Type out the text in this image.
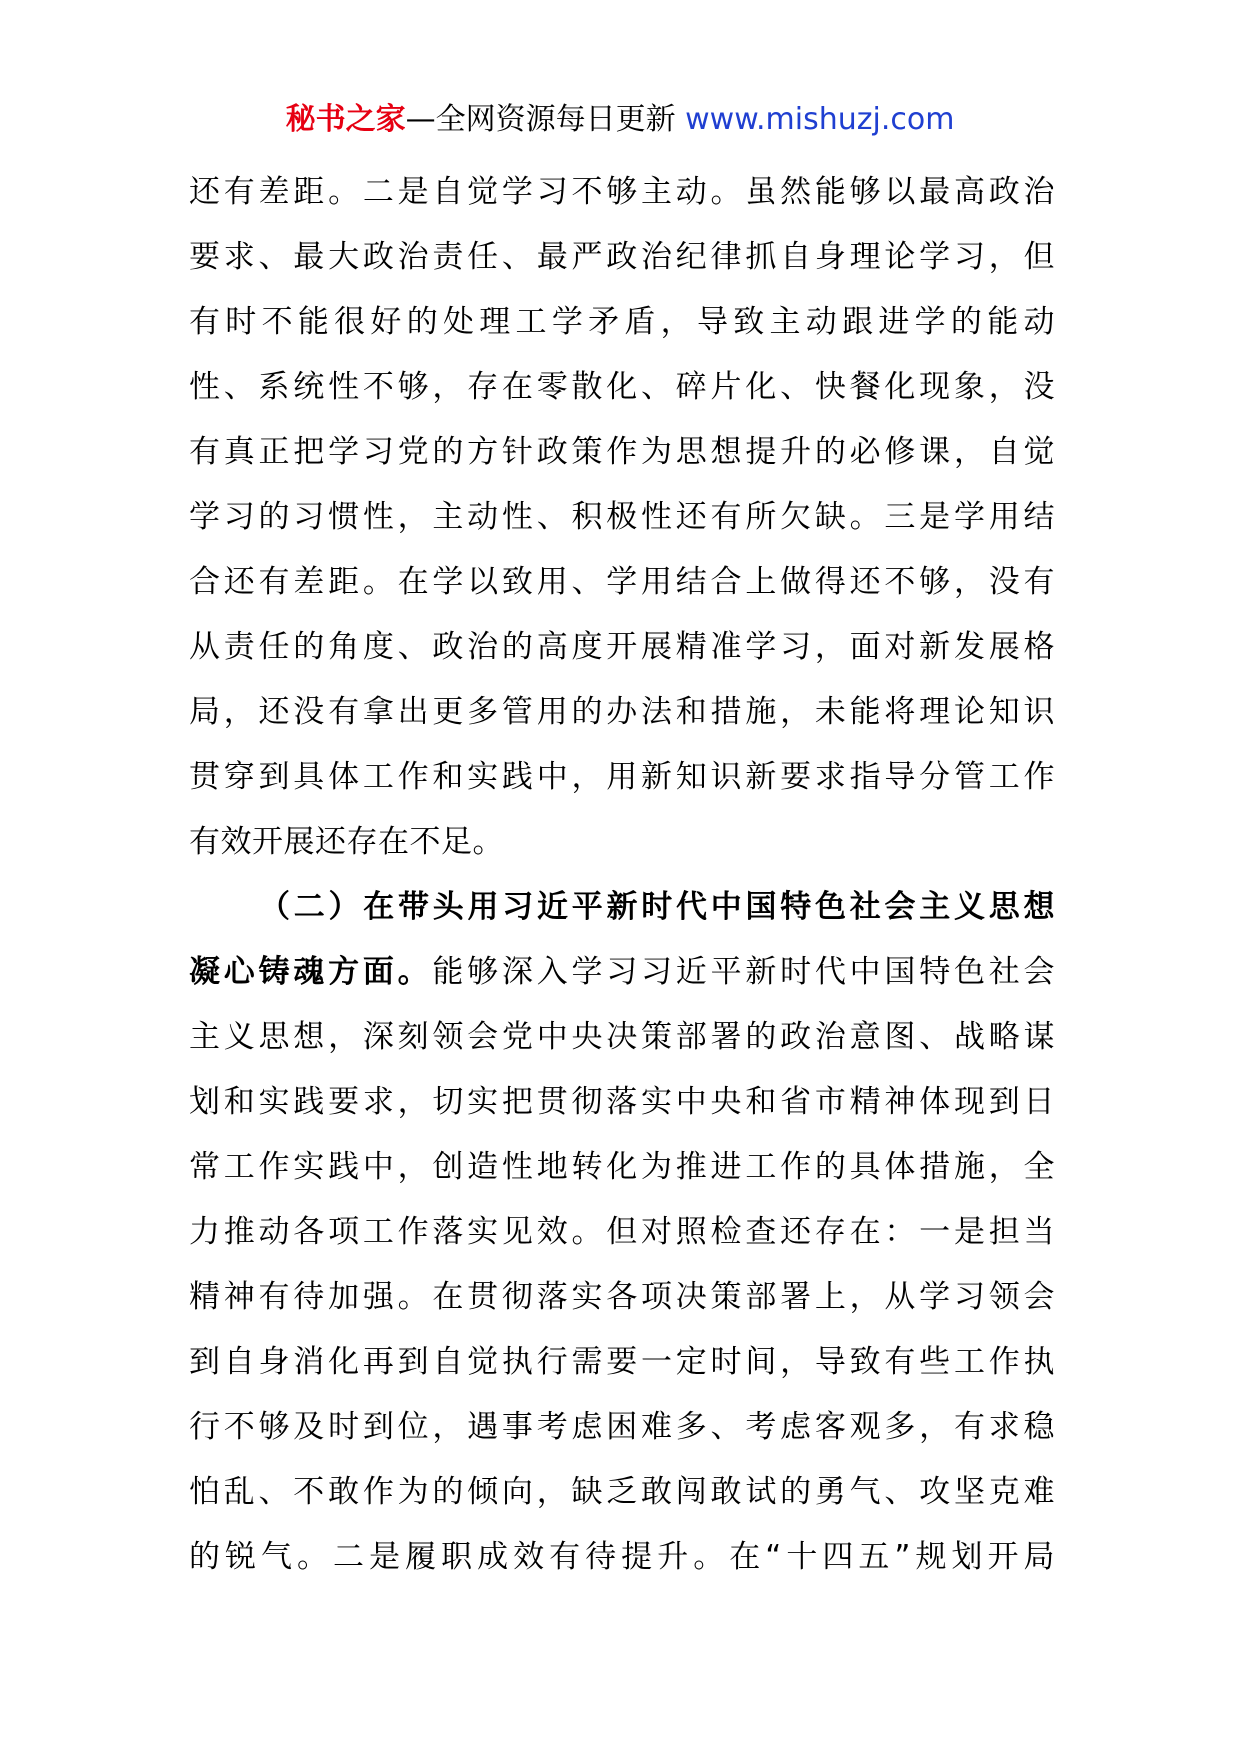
秘书之家—全网资源每日更新 www.mishuzj.com
还有差距。二是自觉学习不够主动。虽然能够以最高政治
要求、最大政治责任、最严政治纪律抓自身理论学习，但
有时不能很好的处理工学矛盾，导致主动跟进学的能动
性、系统性不够，存在零散化、碎片化、快餐化现象，没
有真正把学习党的方针政策作为思想提升的必修课，自觉
学习的习惯性，主动性、积极性还有所欠缺。三是学用结
合还有差距。在学以致用、学用结合上做得还不够，没有
从责任的角度、政治的高度开展精准学习，面对新发展格
局，还没有拿出更多管用的办法和措施，未能将理论知识
贯穿到具体工作和实践中，用新知识新要求指导分管工作
有效开展还存在不足。
（二）在带头用习近平新时代中国特色社会主义思想
凝心铸魂方面。能够深入学习习近平新时代中国特色社会
主义思想，深刻领会党中央决策部署的政治意图、战略谋
划和实践要求，切实把贯彻落实中央和省市精神体现到日
常工作实践中，创造性地转化为推进工作的具体措施，全
力推动各项工作落实见效。但对照检查还存在：一是担当
精神有待加强。在贯彻落实各项决策部署上，从学习领会
到自身消化再到自觉执行需要一定时间，导致有些工作执
行不够及时到位，遇事考虑困难多、考虑客观多，有求稳
怕乱、不敢作为的倾向，缺乏敢闯敢试的勇气、攻坚克难
的锐气。二是履职成效有待提升。在“十四五”规划开局
